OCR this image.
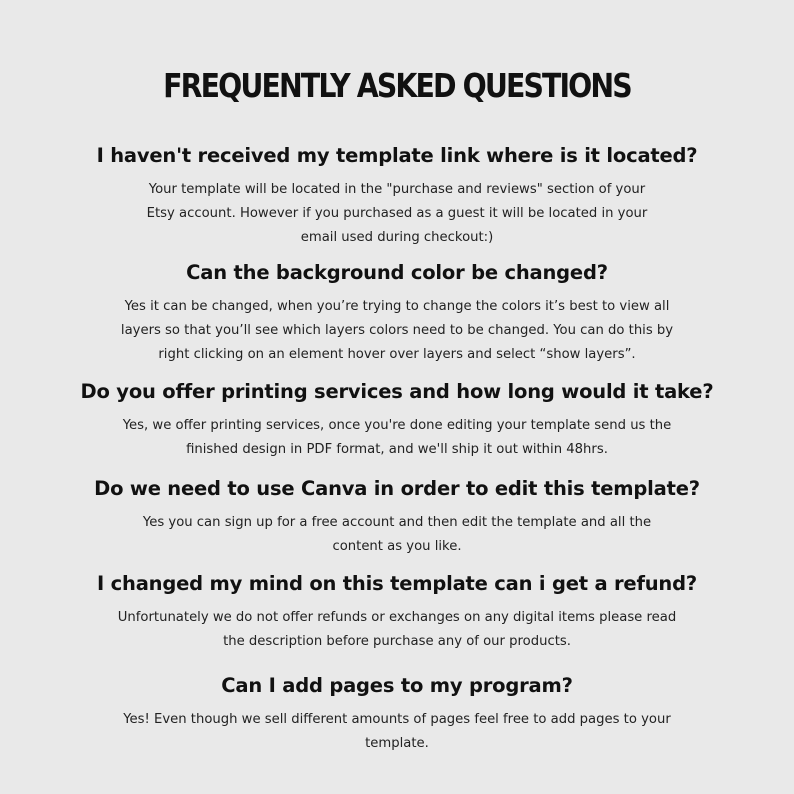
FREQUENTLY ASKED QUESTIONS
I haven't received my template link where is it located?

Your template will be located in the "purchase and reviews" section of your
Etsy account. However if you purchased as a guest it will be located in your
email used during checkout:)

Can the background color be changed?

Yes it can be changed, when you’re trying to change the colors it’s best to view all
layers so that you’ll see which layers colors need to be changed. You can do this by
right clicking on an element hover over layers and select “show layers”.

Do you offer printing services and how long would it take?

Yes, we offer printing services, once you're done editing your template send us the
finished design in PDF format, and we'll ship it out within 48hrs.

Do we need to use Canva in order to edit this template?

Yes you can sign up for a free account and then edit the template and all the
content as you like.

I changed my mind on this template can i get a refund?

Unfortunately we do not offer refunds or exchanges on any digital items please read
the description before purchase any of our products.

Can I add pages to my program?

Yes! Even though we sell different amounts of pages feel free to add pages to your
template.
